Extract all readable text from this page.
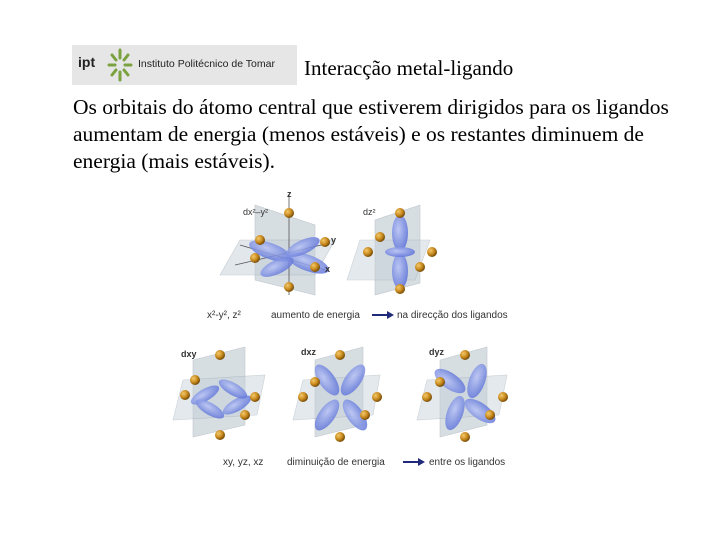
ipt	Instituto Politécnico de Tomar Interacção metal-ligando

Os orbitais do átomo central que estiverem dirigidos para os ligandos aumentam de energia (menos estáveis) e os restantes diminuem de energia (mais estáveis).

dx²–y²
z
y
x
dz²
x²-y², z²	aumento de energia	na direcção dos ligandos
dxy	dxz	dyz
xy, yz, xz diminuição de energia	entre os ligandos
